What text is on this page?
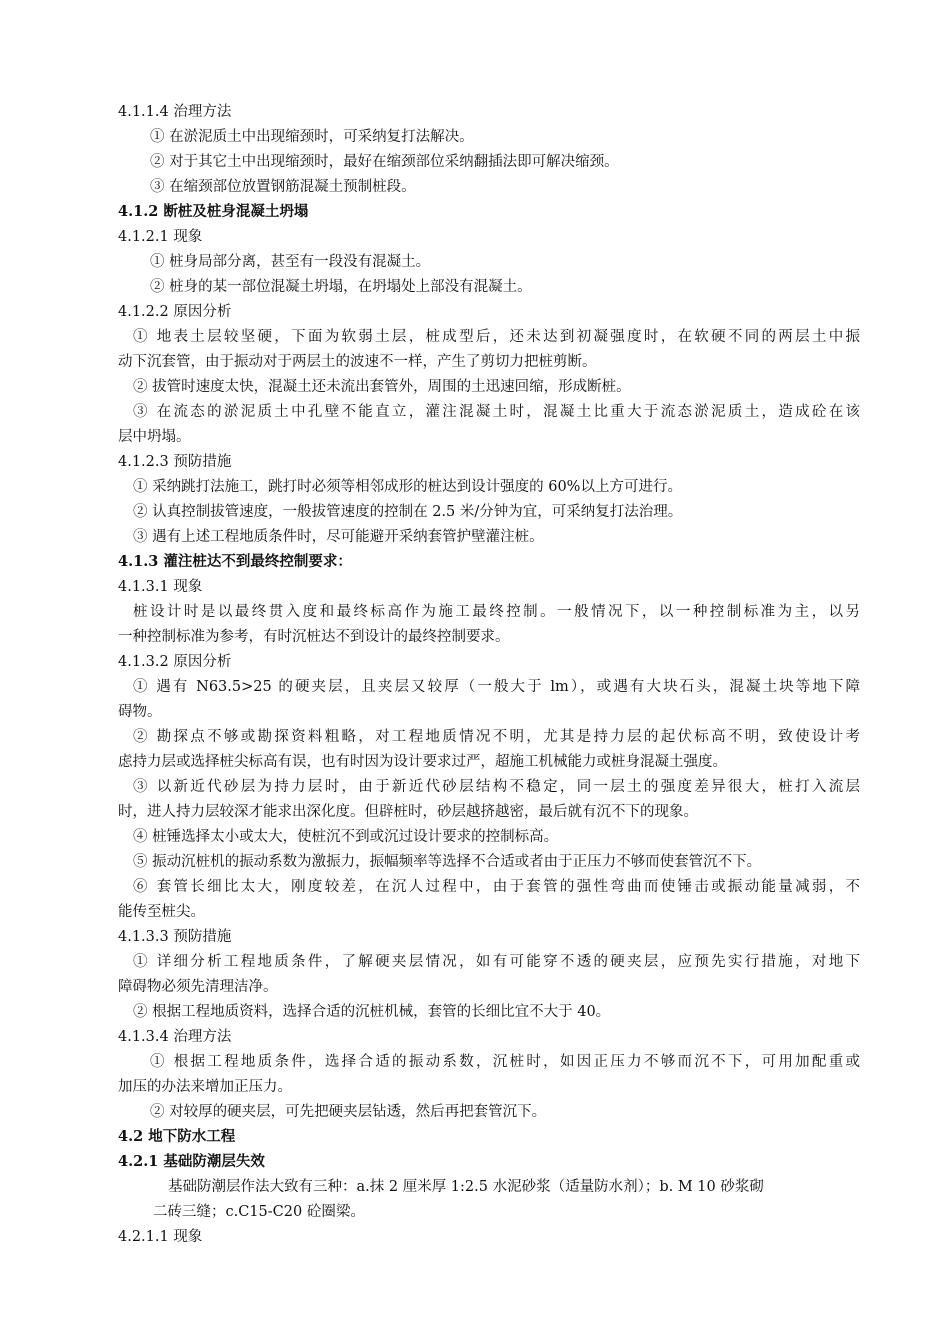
4.1.1.4 治理方法
① 在淤泥质土中出现缩颈时，可采纳复打法解决。
② 对于其它土中出现缩颈时，最好在缩颈部位采纳翻插法即可解决缩颈。
③ 在缩颈部位放置钢筋混凝土预制桩段。
4.1.2 断桩及桩身混凝土坍塌
4.1.2.1 现象
① 桩身局部分离，甚至有一段没有混凝土。
② 桩身的某一部位混凝土坍塌，在坍塌处上部没有混凝土。
4.1.2.2 原因分析
① 地表土层较坚硬，下面为软弱土层，桩成型后，还未达到初凝强度时，在软硬不同的两层土中振
动下沉套管，由于振动对于两层土的波速不一样，产生了剪切力把桩剪断。
② 拔管时速度太快，混凝土还未流出套管外，周围的土迅速回缩，形成断桩。
③ 在流态的淤泥质土中孔壁不能直立，灌注混凝土时，混凝土比重大于流态淤泥质土，造成砼在该
层中坍塌。
4.1.2.3 预防措施
① 采纳跳打法施工，跳打时必须等相邻成形的桩达到设计强度的 60%以上方可进行。
② 认真控制拔管速度，一般拔管速度的控制在 2.5 米/分钟为宜，可采纳复打法治理。
③ 遇有上述工程地质条件时，尽可能避开采纳套管护壁灌注桩。
4.1.3 灌注桩达不到最终控制要求：
4.1.3.1 现象
桩设计时是以最终贯入度和最终标高作为施工最终控制。一般情况下，以一种控制标准为主，以另
一种控制标准为参考，有时沉桩达不到设计的最终控制要求。
4.1.3.2 原因分析
① 遇有 N63.5>25 的硬夹层，且夹层又较厚（一般大于 lm），或遇有大块石头，混凝土块等地下障
碍物。
② 勘探点不够或勘探资料粗略，对工程地质情况不明，尤其是持力层的起伏标高不明，致使设计考
虑持力层或选择桩尖标高有误，也有时因为设计要求过严，超施工机械能力或桩身混凝土强度。
③ 以新近代砂层为持力层时，由于新近代砂层结构不稳定，同一层土的强度差异很大，桩打入流层
时，进人持力层较深才能求出深化度。但辟桩时，砂层越挤越密，最后就有沉不下的现象。
④ 桩锤选择太小或太大，使桩沉不到或沉过设计要求的控制标高。
⑤ 振动沉桩机的振动系数为激振力，振幅频率等选择不合适或者由于正压力不够而使套管沉不下。
⑥ 套管长细比太大，刚度较差，在沉人过程中，由于套管的强性弯曲而使锤击或振动能量减弱，不
能传至桩尖。
4.1.3.3 预防措施
① 详细分析工程地质条件，了解硬夹层情况，如有可能穿不透的硬夹层，应预先实行措施，对地下
障碍物必须先清理洁净。
② 根据工程地质资料，选择合适的沉桩机械，套管的长细比宜不大于 40。
4.1.3.4 治理方法
① 根据工程地质条件，选择合适的振动系数，沉桩时，如因正压力不够而沉不下，可用加配重或
加压的办法来增加正压力。
② 对较厚的硬夹层，可先把硬夹层钻透，然后再把套管沉下。
4.2 地下防水工程
4.2.1 基础防潮层失效
基础防潮层作法大致有三种：a.抹 2 厘米厚 1:2.5 水泥砂浆（适量防水剂）；b. M 10 砂浆砌
二砖三缝；c.C15-C20 砼圈梁。
4.2.1.1 现象
